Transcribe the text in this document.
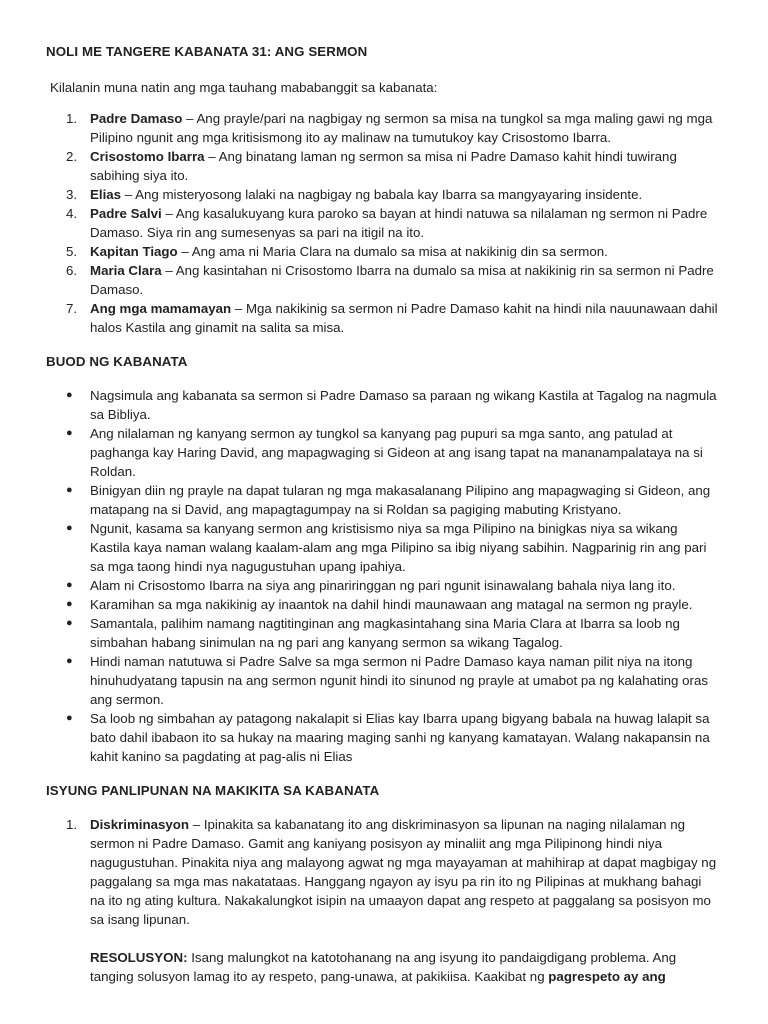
NOLI ME TANGERE KABANATA 31: ANG SERMON
Kilalanin muna natin ang mga tauhang mababanggit sa kabanata:
1. Padre Damaso – Ang prayle/pari na nagbigay ng sermon sa misa na tungkol sa mga maling gawi ng mga Pilipino ngunit ang mga kritisismong ito ay malinaw na tumutukoy kay Crisostomo Ibarra.
2. Crisostomo Ibarra – Ang binatang laman ng sermon sa misa ni Padre Damaso kahit hindi tuwirang sabihing siya ito.
3. Elias – Ang misteryosong lalaki na nagbigay ng babala kay Ibarra sa mangyayaring insidente.
4. Padre Salvi – Ang kasalukuyang kura paroko sa bayan at hindi natuwa sa nilalaman ng sermon ni Padre Damaso. Siya rin ang sumesenyas sa pari na itigil na ito.
5. Kapitan Tiago – Ang ama ni Maria Clara na dumalo sa misa at nakikinig din sa sermon.
6. Maria Clara – Ang kasintahan ni Crisostomo Ibarra na dumalo sa misa at nakikinig rin sa sermon ni Padre Damaso.
7. Ang mga mamamayan – Mga nakikinig sa sermon ni Padre Damaso kahit na hindi nila nauunawaan dahil halos Kastila ang ginamit na salita sa misa.
BUOD NG KABANATA
●	Nagsimula ang kabanata sa sermon si Padre Damaso sa paraan ng wikang Kastila at Tagalog na nagmula sa Bibliya.
●	Ang nilalaman ng kanyang sermon ay tungkol sa kanyang pag pupuri sa mga santo, ang patulad at paghanga kay Haring David, ang mapagwaging si Gideon at ang isang tapat na mananampalataya na si Roldan.
●	Binigyan diin ng prayle na dapat tularan ng mga makasalanang Pilipino ang mapagwaging si Gideon, ang matapang na si David, ang mapagtagumpay na si Roldan sa pagiging mabuting Kristyano.
●	Ngunit, kasama sa kanyang sermon ang kristisismo niya sa mga Pilipino na binigkas niya sa wikang Kastila kaya naman walang kaalam-alam ang mga Pilipino sa ibig niyang sabihin. Nagparinig rin ang pari sa mga taong hindi nya nagugustuhan upang ipahiya.
●	Alam ni Crisostomo Ibarra na siya ang pinariringgan ng pari ngunit isinawalang bahala niya lang ito.
●	Karamihan sa mga nakikinig ay inaantok na dahil hindi maunawaan ang matagal na sermon ng prayle.
●	Samantala, palihim namang nagtitinginan ang magkasintahang sina Maria Clara at Ibarra sa loob ng simbahan habang sinimulan na ng pari ang kanyang sermon sa wikang Tagalog.
●	Hindi naman natutuwa si Padre Salve sa mga sermon ni Padre Damaso kaya naman pilit niya na itong hinuhudyatang tapusin na ang sermon ngunit hindi ito sinunod ng prayle at umabot pa ng kalahating oras ang sermon.
●	Sa loob ng simbahan ay patagong nakalapit si Elias kay Ibarra upang bigyang babala na huwag lalapit sa bato dahil ibabaon ito sa hukay na maaring maging sanhi ng kanyang kamatayan. Walang nakapansin na kahit kanino sa pagdating at pag-alis ni Elias
ISYUNG PANLIPUNAN NA MAKIKITA SA KABANATA
1. Diskriminasyon – Ipinakita sa kabanatang ito ang diskriminasyon sa lipunan na naging nilalaman ng sermon ni Padre Damaso. Gamit ang kaniyang posisyon ay minaliit ang mga Pilipinong hindi niya nagugustuhan. Pinakita niya ang malayong agwat ng mga mayayaman at mahihirap at dapat magbigay ng paggalang sa mga mas nakatataas. Hanggang ngayon ay isyu pa rin ito ng Pilipinas at mukhang bahagi na ito ng ating kultura. Nakakalungkot isipin na umaayon dapat ang respeto at paggalang sa posisyon mo sa isang lipunan.

RESOLUSYON: Isang malungkot na katotohanang na ang isyung ito pandaigdigang problema. Ang tanging solusyon lamag ito ay respeto, pang-unawa, at pakikiisa. Kaakibat ng pagrespeto ay ang
